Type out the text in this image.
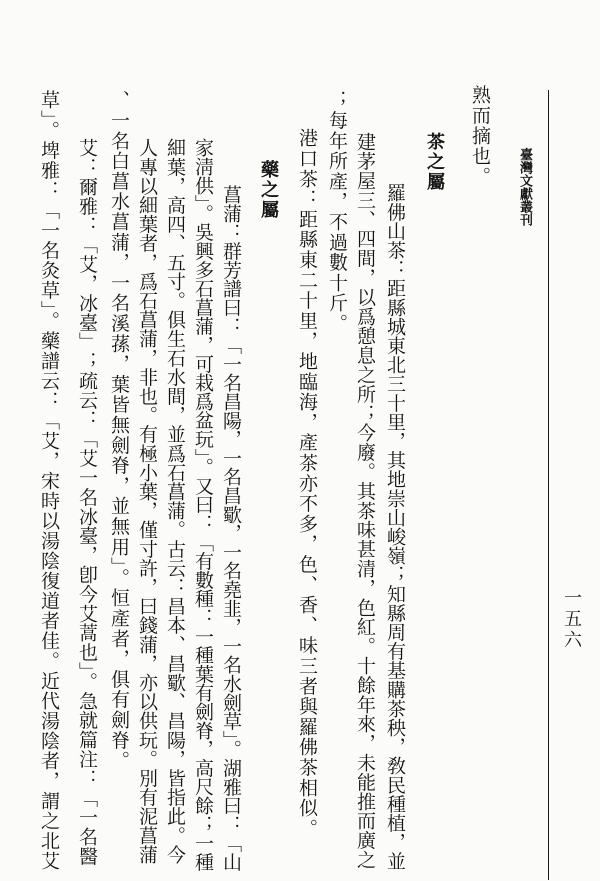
臺灣文獻叢刊
一五六
熟而摘也。
茶之屬
羅佛山茶：距縣城東北三十里，其地崇山峻嶺；知縣周有基購茶秧，敎民種植，並
建茅屋三、四間，以爲憩息之所；今廢。其茶味甚清，色紅。十餘年來，未能推而廣之
；每年所產，不過數十斤。
港口茶：距縣東二十里，地臨海，產茶亦不多，色、香、味三者與羅佛茶相似。
藥之屬
菖蒲：群芳譜曰：「一名昌陽，一名昌歜，一名堯韭，一名水劍草」。湖雅曰：「山
家淸供」。吳興多石菖蒲，可栽爲盆玩」。又曰：「有數種：一種葉有劍脊，高尺餘；一種
細葉，高四、五寸。俱生石水間，並爲石菖蒲。古云：昌本、昌歜、昌陽，皆指此。今
人專以細葉者，爲石菖蒲，非也。有極小葉，僅寸許，曰錢蒲，亦以供玩。別有泥菖蒲
、一名白菖水菖蒲，一名溪蓀，葉皆無劍脊，並無用」。恒產者，俱有劍脊。
艾：爾雅：「艾，冰臺」；疏云：「艾一名冰臺，卽今艾蒿也」。急就篇注：「一名醫
草」。埤雅：「一名灸草」。藥譜云：「艾，宋時以湯陰復道者佳。近代湯陰者，謂之北艾
